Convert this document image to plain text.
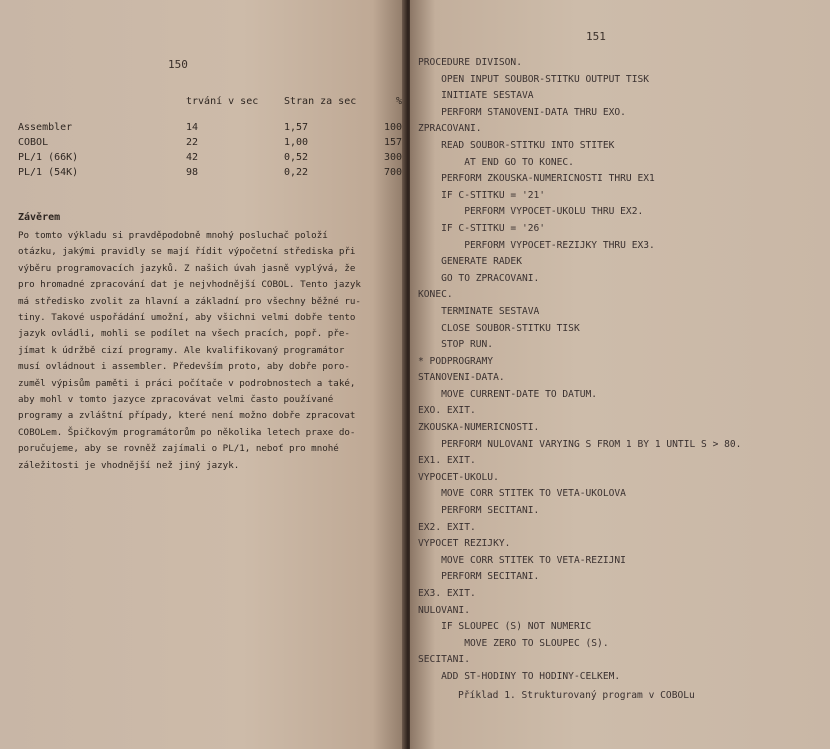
150
	trvání v sec	Stran za sec	%
Assembler	14	1,57	100
COBOL	22	1,00	157
PL/1 (66K)	42	0,52	300
PL/1 (54K)	98	0,22	700
Závěrem
Po tomto výkladu si pravděpodobně mnohý posluchač položí
otázku, jakými pravidly se mají řídit výpočetní střediska při
výběru programovacích jazyků. Z našich úvah jasně vyplývá, že
pro hromadné zpracování dat je nejvhodnější COBOL. Tento jazyk
má středisko zvolit za hlavní a základní pro všechny běžné ru-
tiny. Takové uspořádání umožní, aby všichni velmi dobře tento
jazyk ovládli, mohli se podílet na všech pracích, popř. pře-
jímat k údržbě cizí programy. Ale kvalifikovaný programátor
musí ovládnout i assembler. Především proto, aby dobře poro-
zuměl výpisům paměti i práci počítače v podrobnostech a také,
aby mohl v tomto jazyce zpracovávat velmi často používané
programy a zvláštní případy, které není možno dobře zpracovat
COBOLem. Špičkovým programátorům po několika letech praxe do-
poručujeme, aby se rovněž zajímali o PL/1, neboť pro mnohé
záležitosti je vhodnější než jiný jazyk.
151
PROCEDURE DIVISON.
OPEN INPUT SOUBOR-STITKU OUTPUT TISK
INITIATE SESTAVA
PERFORM STANOVENI-DATA THRU EXO.
ZPRACOVANI.
READ SOUBOR-STITKU INTO STITEK
AT END GO TO KONEC.
PERFORM ZKOUSKA-NUMERICNOSTI THRU EX1
IF C-STITKU = '21'
PERFORM VYPOCET-UKOLU THRU EX2.
IF C-STITKU = '26'
PERFORM VYPOCET-REZIJKY THRU EX3.
GENERATE RADEK
GO TO ZPRACOVANI.
KONEC.
TERMINATE SESTAVA
CLOSE SOUBOR-STITKU TISK
STOP RUN.
* PODPROGRAMY
STANOVENI-DATA.
MOVE CURRENT-DATE TO DATUM.
EXO. EXIT.
ZKOUSKA-NUMERICNOSTI.
PERFORM NULOVANI VARYING S FROM 1 BY 1 UNTIL S > 80.
EX1. EXIT.
VYPOCET-UKOLU.
MOVE CORR STITEK TO VETA-UKOLOVA
PERFORM SECITANI.
EX2. EXIT.
VYPOCET REZIJKY.
MOVE CORR STITEK TO VETA-REZIJNI
PERFORM SECITANI.
EX3. EXIT.
NULOVANI.
IF SLOUPEC (S) NOT NUMERIC
MOVE ZERO TO SLOUPEC (S).
SECITANI.
ADD ST-HODINY TO HODINY-CELKEM.
Příklad 1. Strukturovaný program v COBOLu
